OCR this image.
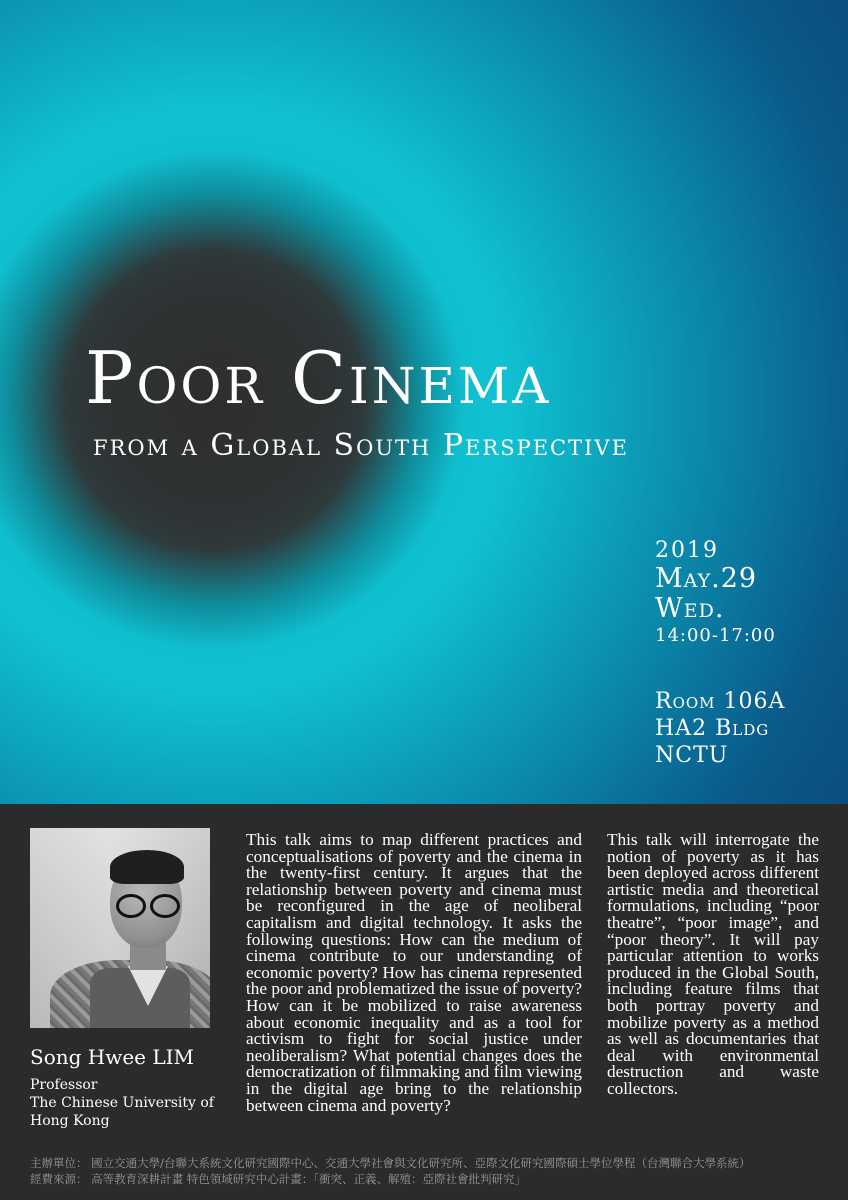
Poor Cinema
from a Global South Perspective
2019
May.29
Wed.
14:00-17:00
Room 106A
HA2 Bldg
NCTU
Song Hwee LIM
Professor
The Chinese University of Hong Kong
This talk aims to map different practices and conceptualisations of poverty and the cinema in the twenty-first century. It argues that the relationship between poverty and cinema must be reconfigured in the age of neoliberal capitalism and digital technology. It asks the following questions: How can the medium of cinema contribute to our understanding of economic poverty? How has cinema represented the poor and problematized the issue of poverty? How can it be mobilized to raise awareness about economic inequality and as a tool for activism to fight for social justice under neoliberalism? What potential changes does the democratization of filmmaking and film viewing in the digital age bring to the relationship between cinema and poverty?
This talk will interrogate the notion of poverty as it has been deployed across different artistic media and theoretical formulations, including “poor theatre”, “poor image”, and “poor theory”. It will pay particular attention to works produced in the Global South, including feature films that both portray poverty and mobilize poverty as a method as well as documentaries that deal with environmental destruction and waste collectors.
主辦單位： 國立交通大學/台聯大系統文化研究國際中心、交通大學社會與文化研究所、亞際文化研究國際碩士學位學程（台灣聯合大學系統）
經費來源： 高等教育深耕計畫 特色領域研究中心計畫：「衝突、正義、解殖：亞際社會批判研究」
